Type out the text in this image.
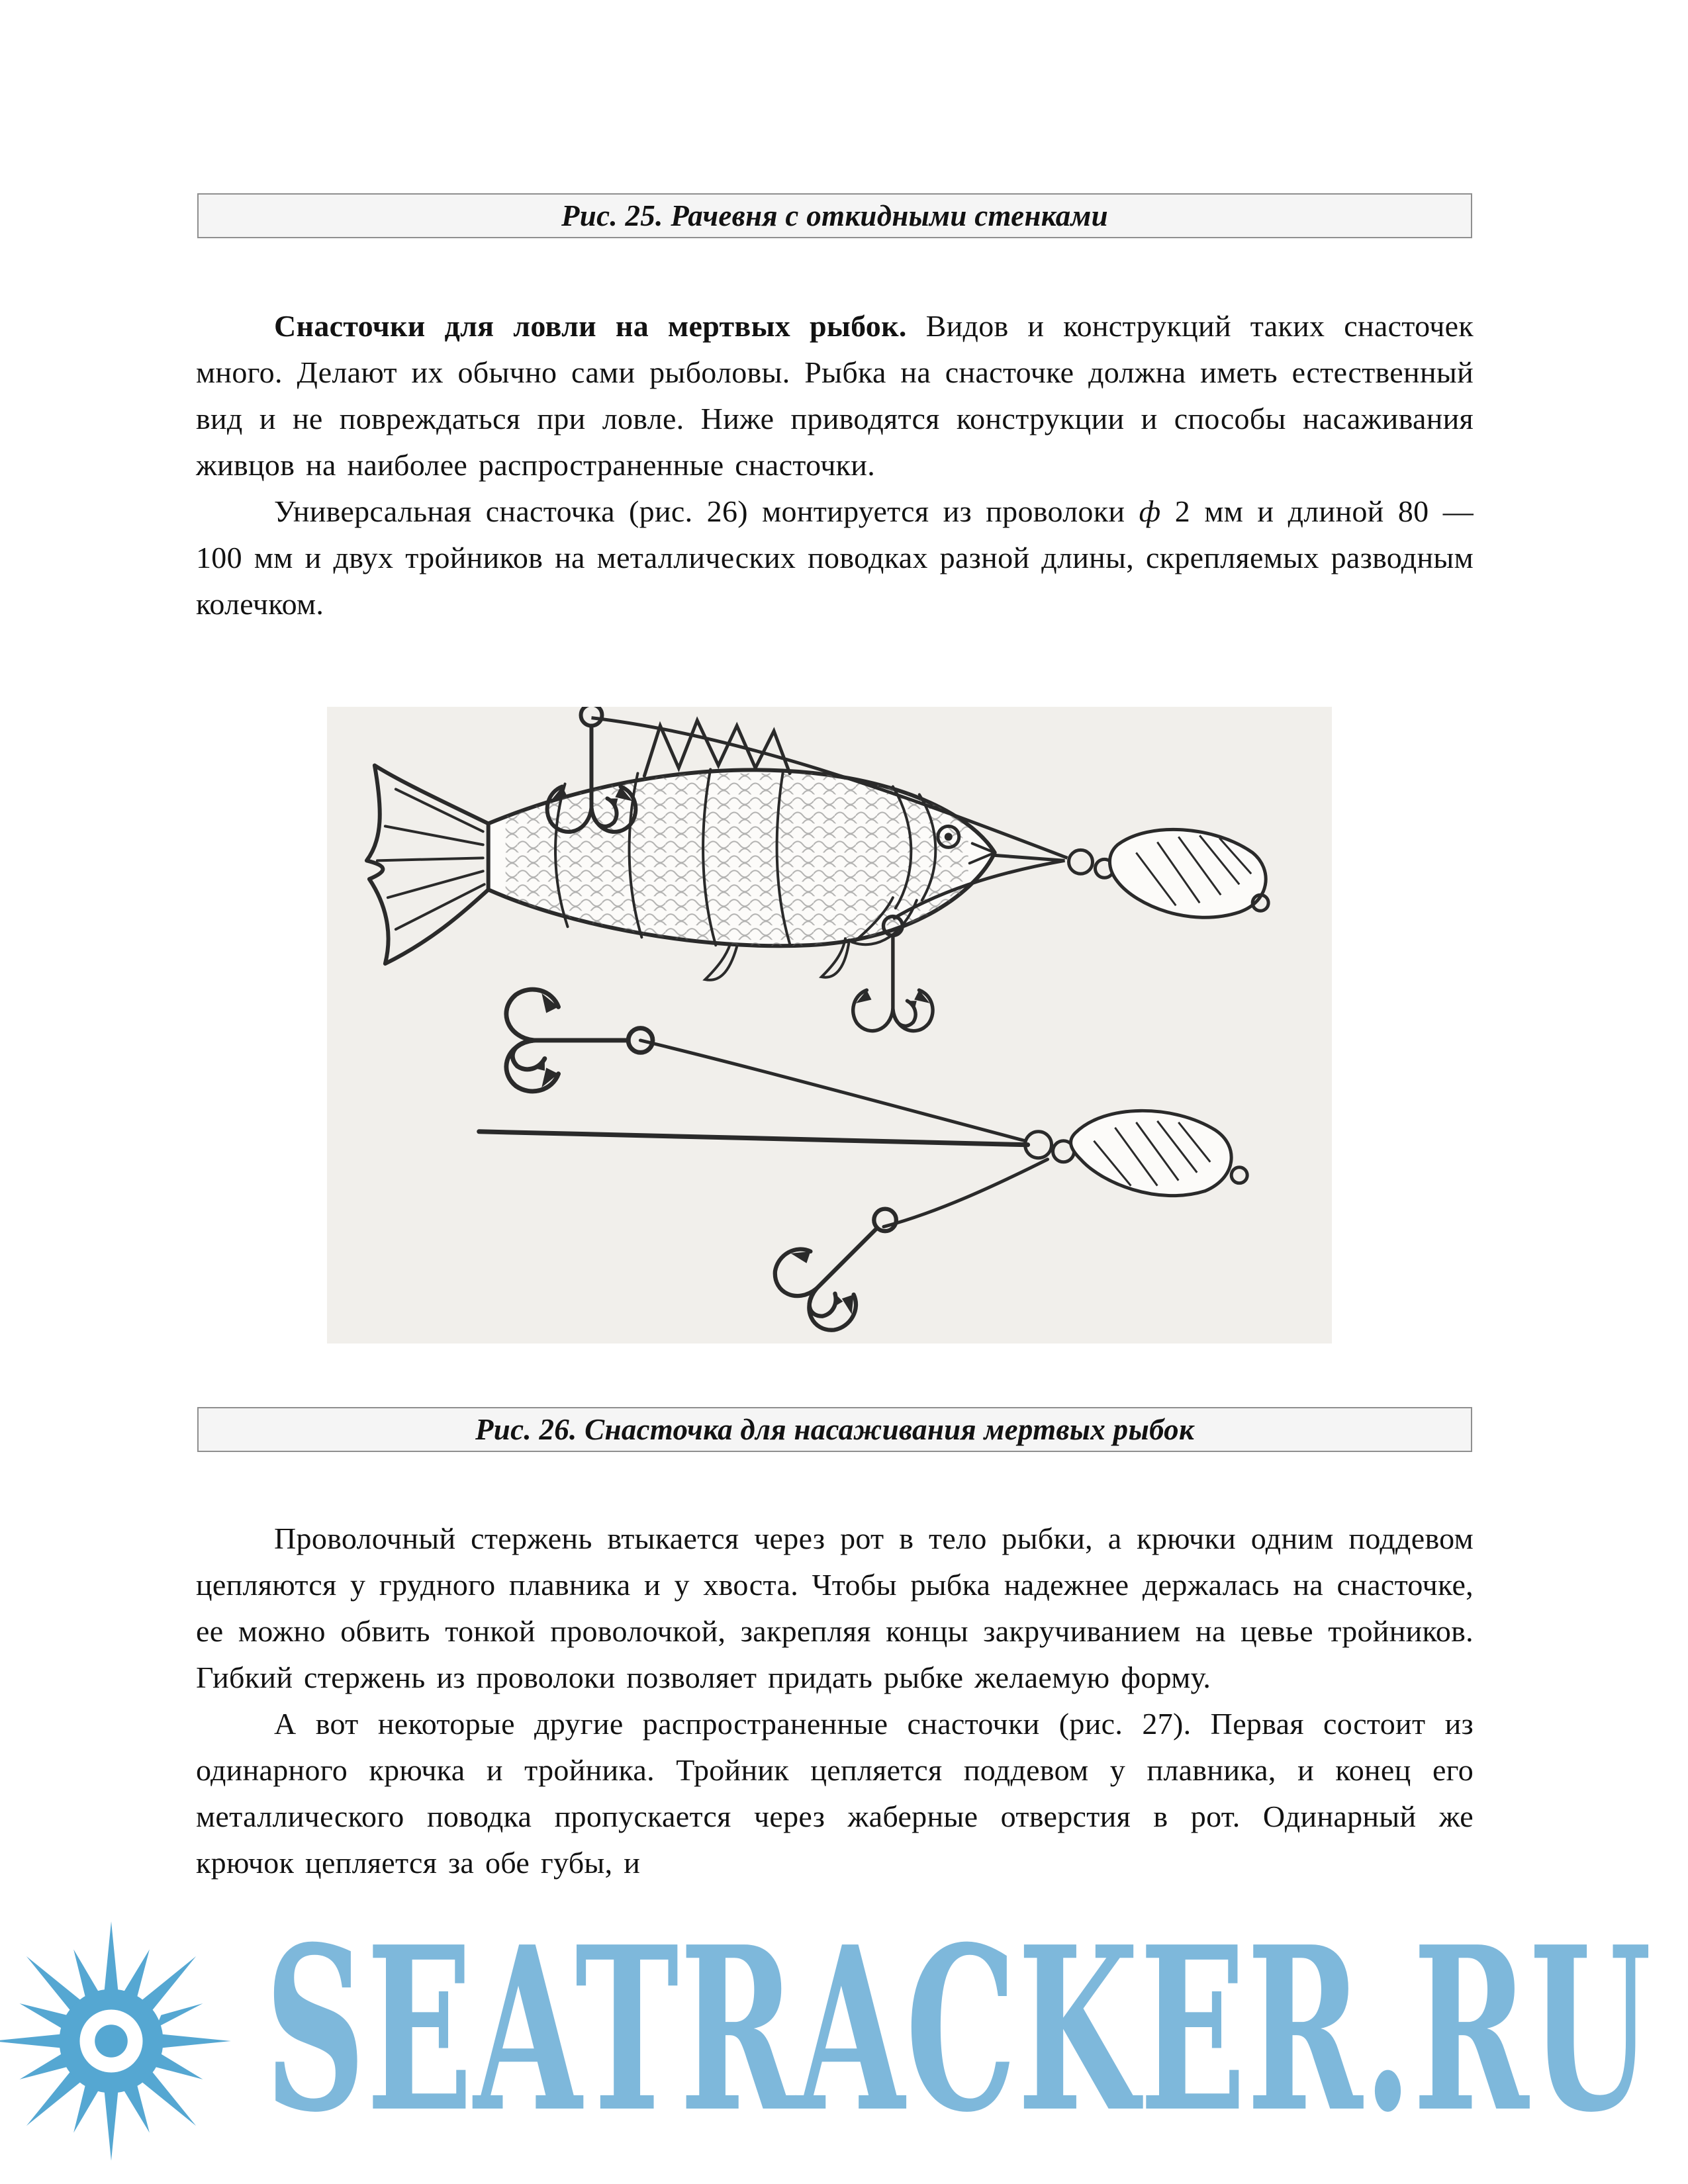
Рис. 25. Рачевня с откидными стенками

Снасточки для ловли на мертвых рыбок. Видов и конструкций таких снасточек много. Делают их обычно сами рыболовы. Рыбка на снасточке должна иметь естественный вид и не повреждаться при ловле. Ниже приводятся конструкции и способы насаживания живцов на наиболее распространенные снасточки.

Универсальная снасточка (рис. 26) монтируется из проволоки ф 2 мм и длиной 80 —100 мм и двух тройников на металлических поводках разной длины, скрепляемых разводным колечком.

Рис. 26. Снасточка для насаживания мертвых рыбок

Проволочный стержень втыкается через рот в тело рыбки, а крючки одним поддевом цепляются у грудного плавника и у хвоста. Чтобы рыбка надежнее держалась на снасточке, ее можно обвить тонкой проволочкой, закрепляя концы закручиванием на цевье тройников. Гибкий стержень из проволоки позволяет придать рыбке желаемую форму.

А вот некоторые другие распространенные снасточки (рис. 27). Первая состоит из одинарного крючка и тройника. Тройник цепляется поддевом у плавника, и конец его металлического поводка пропускается через жаберные отверстия в рот. Одинарный же крючок цепляется за обе губы, и

SEATRACKER.RU
